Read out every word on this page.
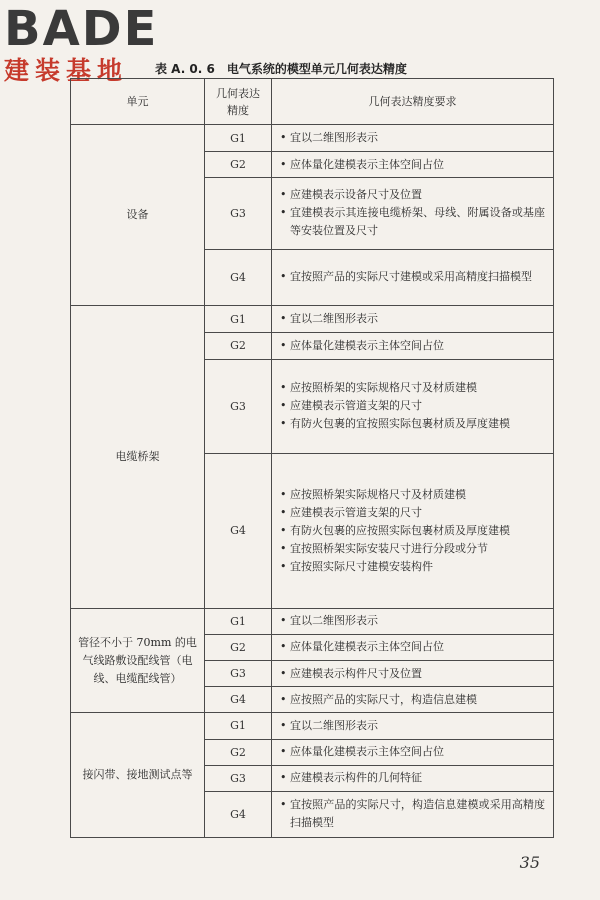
BADE
建装基地	表 A. 0. 6 电气系统的模型单元几何表达精度
单元	几何表达精度	几何表达精度要求
设备	G1	• 宜以二维图形表示

	G2	• 应体量化建模表示主体空间占位

	G3	• 应建模表示设备尺寸及位置
• 宜建模表示其连接电缆桥架、母线、附属设备或基座等安装位置及尺寸

	G4	• 宜按照产品的实际尺寸建模或采用高精度扫描模型

电缆桥架	G1	• 宜以二维图形表示

	G2	• 应体量化建模表示主体空间占位

	G3	• 应按照桥架的实际规格尺寸及材质建模
• 应建模表示管道支架的尺寸
• 有防火包裹的宜按照实际包裹材质及厚度建模

	G4	• 应按照桥架实际规格尺寸及材质建模
• 应建模表示管道支架的尺寸
• 有防火包裹的应按照实际包裹材质及厚度建模
• 宜按照桥架实际安装尺寸进行分段或分节
• 宜按照实际尺寸建模安装构件

管径不小于 70mm 的电气线路敷设配线管（电线、电缆配线管）	G1	• 宜以二维图形表示

	G2	• 应体量化建模表示主体空间占位

	G3	• 应建模表示构件尺寸及位置

	G4	• 应按照产品的实际尺寸，构造信息建模

接闪带、接地测试点等	G1	• 宜以二维图形表示

	G2	• 应体量化建模表示主体空间占位

	G3	• 应建模表示构件的几何特征

	G4	• 宜按照产品的实际尺寸，构造信息建模或采用高精度扫描模型
35
